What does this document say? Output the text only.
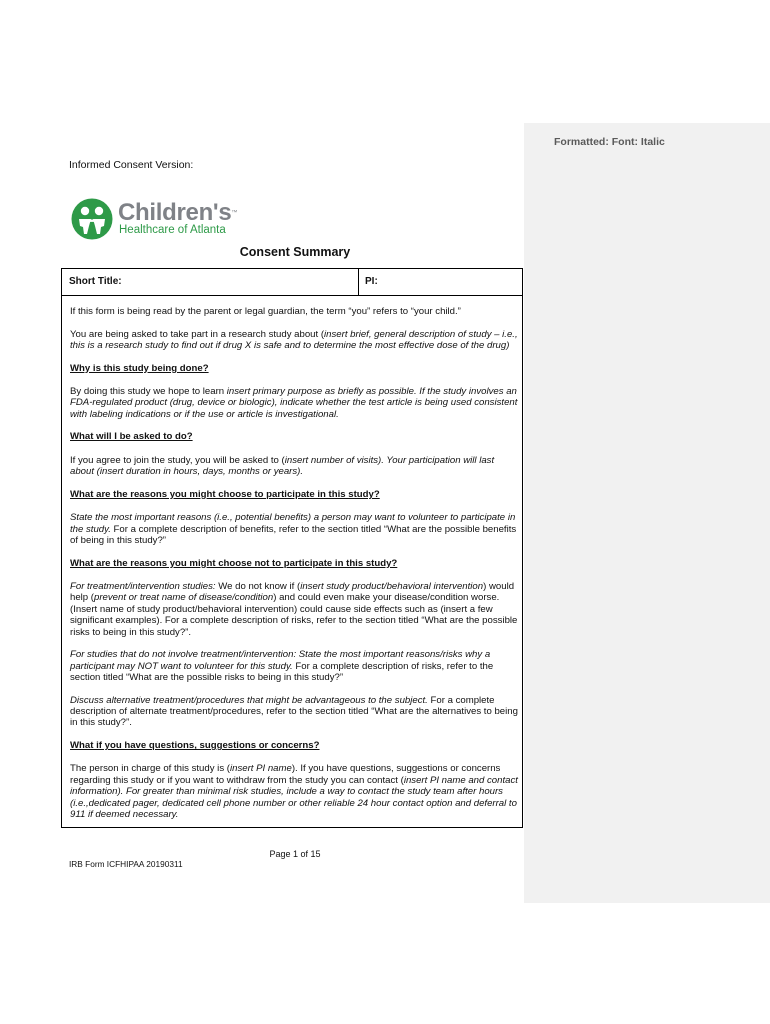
Formatted: Font: Italic
Informed Consent Version:
Children's™
Healthcare of Atlanta
Consent Summary
Short Title:	PI:

If this form is being read by the parent or legal guardian, the term “you” refers to “your child.”

You are being asked to take part in a research study about (insert brief, general description of study – i.e., this is a research study to find out if drug X is safe and to determine the most effective dose of the drug)

Why is this study being done?

By doing this study we hope to learn insert primary purpose as briefly as possible. If the study involves an FDA-regulated product (drug, device or biologic), indicate whether the test article is being used consistent with labeling indications or if the use or article is investigational.

What will I be asked to do?

If you agree to join the study, you will be asked to (insert number of visits). Your participation will last about (insert duration in hours, days, months or years).

What are the reasons you might choose to participate in this study?

State the most important reasons (i.e., potential benefits) a person may want to volunteer to participate in the study. For a complete description of benefits, refer to the section titled “What are the possible benefits of being in this study?”

What are the reasons you might choose not to participate in this study?

For treatment/intervention studies: We do not know if (insert study product/behavioral intervention) would help (prevent or treat name of disease/condition) and could even make your disease/condition worse. (Insert name of study product/behavioral intervention) could cause side effects such as (insert a few significant examples). For a complete description of risks, refer to the section titled “What are the possible risks to being in this study?”.

For studies that do not involve treatment/intervention: State the most important reasons/risks why a participant may NOT want to volunteer for this study. For a complete description of risks, refer to the section titled “What are the possible risks to being in this study?”

Discuss alternative treatment/procedures that might be advantageous to the subject. For a complete description of alternate treatment/procedures, refer to the section titled “What are the alternatives to being in this study?”.

What if you have questions, suggestions or concerns?

The person in charge of this study is (insert PI name). If you have questions, suggestions or concerns regarding this study or if you want to withdraw from the study you can contact (insert PI name and contact information). For greater than minimal risk studies, include a way to contact the study team after hours (i.e.,dedicated pager, dedicated cell phone number or other reliable 24 hour contact option and deferral to 911 if deemed necessary.

Page 1 of 15
IRB Form ICFHIPAA 20190311
